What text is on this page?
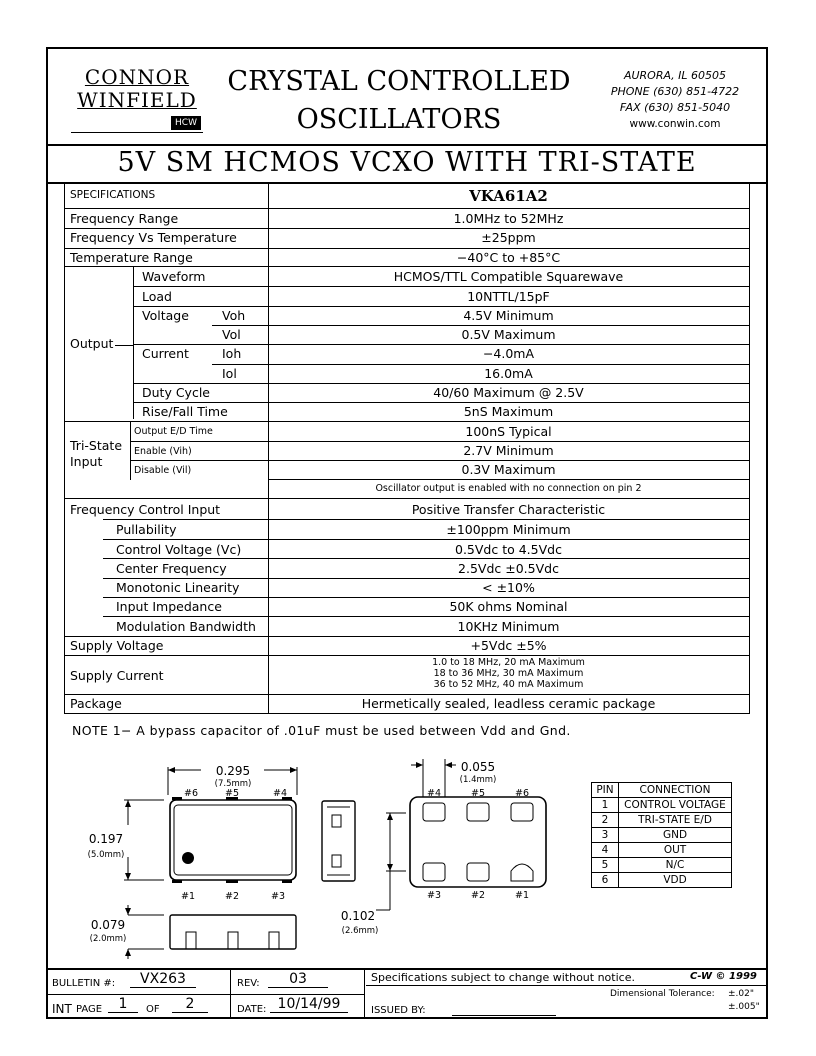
CONNOR
WINFIELD
HCW
CRYSTAL CONTROLLED
OSCILLATORS
AURORA, IL 60505
PHONE (630) 851-4722
FAX (630) 851-5040
www.conwin.com
5V SM HCMOS VCXO WITH TRI-STATE
SPECIFICATIONS	VKA61A2
Frequency Range	1.0MHz to 52MHz
Frequency Vs Temperature	±25ppm
Temperature Range	−40°C to +85°C
Output
Waveform	HCMOS/TTL Compatible Squarewave
Load	10NTTL/15pF
Voltage	Voh	4.5V Minimum
Vol	0.5V Maximum
Current	Ioh	−4.0mA
Iol	16.0mA
Duty Cycle	40/60 Maximum @ 2.5V
Rise/Fall Time	5nS Maximum
Tri-State
Input
Output E/D Time	100nS Typical
Enable (Vih)	2.7V Minimum
Disable (Vil)	0.3V Maximum
Oscillator output is enabled with no connection on pin 2
Frequency Control Input	Positive Transfer Characteristic
Pullability	±100ppm Minimum
Control Voltage (Vc)	0.5Vdc to 4.5Vdc
Center Frequency	2.5Vdc ±0.5Vdc
Monotonic Linearity	< ±10%
Input Impedance	50K ohms Nominal
Modulation Bandwidth	10KHz Minimum
Supply Voltage	+5Vdc ±5%
Supply Current
1.0 to 18 MHz, 20 mA Maximum
18 to 36 MHz, 30 mA Maximum
36 to 52 MHz, 40 mA Maximum
Package	Hermetically sealed, leadless ceramic package
NOTE 1− A bypass capacitor of .01uF must be used between Vdd and Gnd.
0.295
(7.5mm)
#6	#5	#4
#1	#2	#3
0.197
(5.0mm)
0.079
(2.0mm)
0.055
(1.4mm)
#4	#5	#6
#3	#2	#1
0.102
(2.6mm)
PIN	CONNECTION
1	CONTROL VOLTAGE
2	TRI-STATE E/D
3	GND
4	OUT
5	N/C
6	VDD
BULLETIN #:	VX263	REV:	03
INT PAGE	1	OF	2	DATE: 10/14/99
Specifications subject to change without notice.	C-W © 1999
ISSUED BY:
Dimensional Tolerance: ±.02"
±.005"
